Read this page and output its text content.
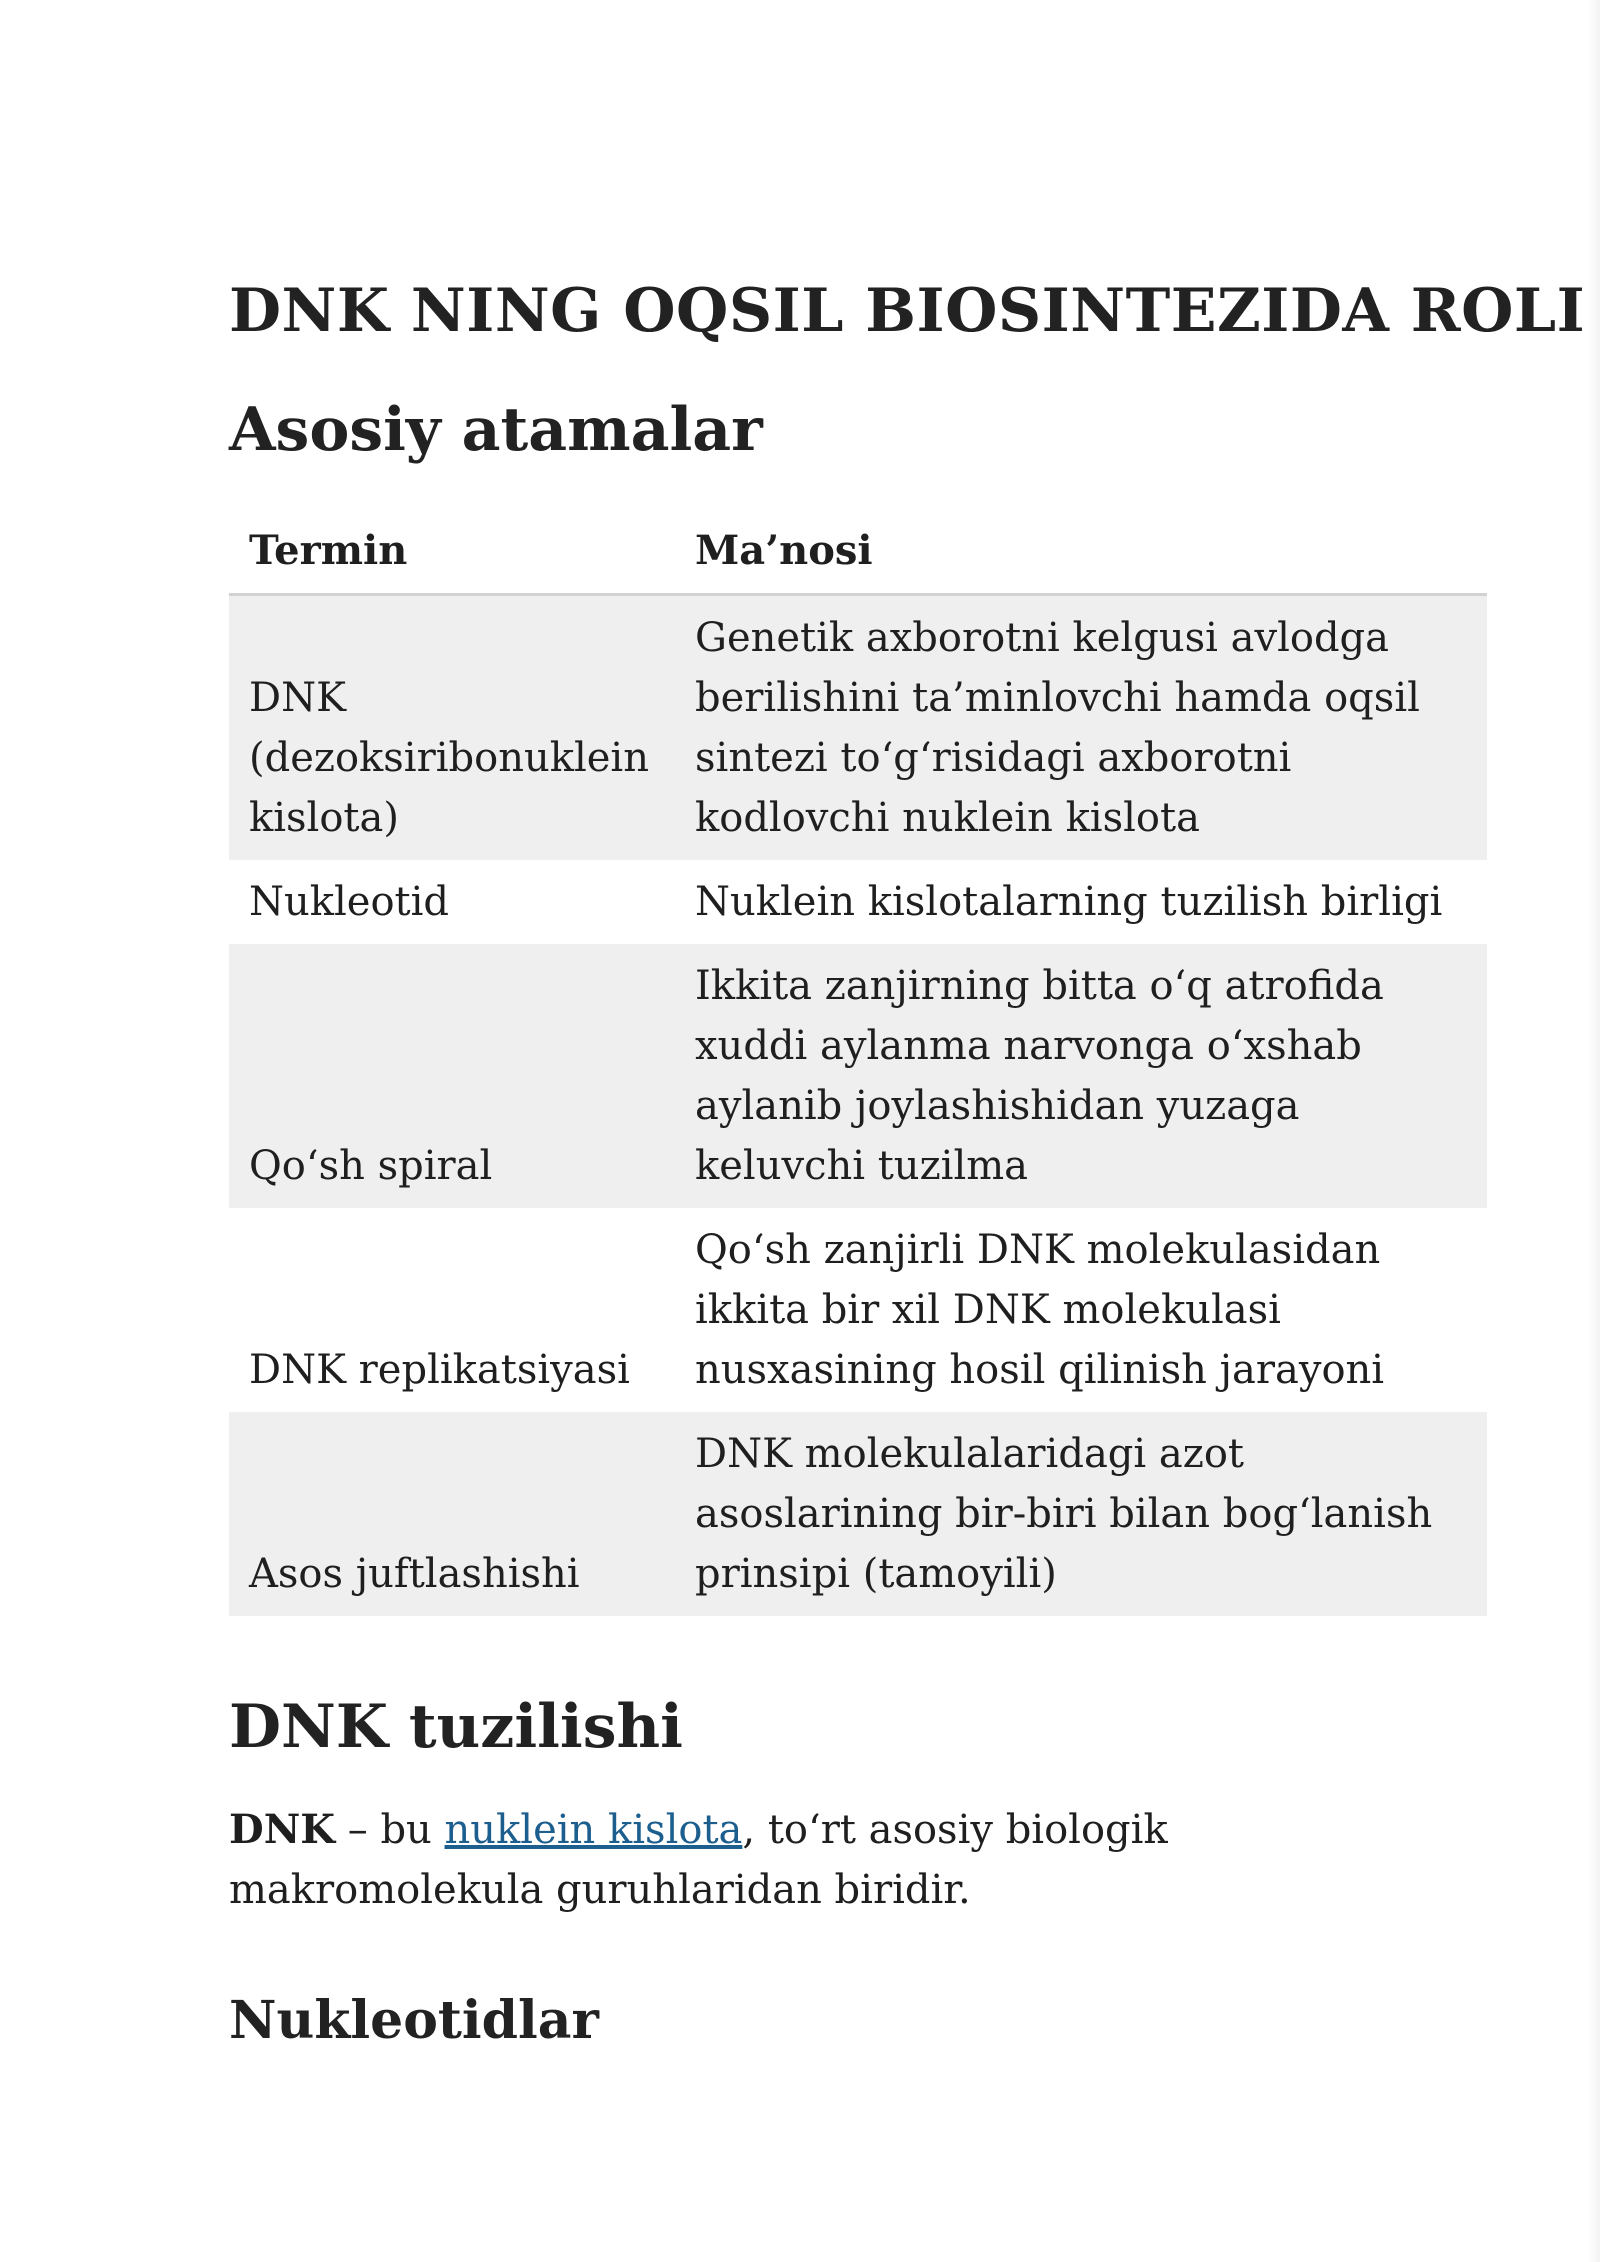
DNK NING OQSIL BIOSINTEZIDA ROLI
Asosiy atamalar
Termin	Ma’nosi
DNK (dezoksiribonuklein kislota)	Genetik axborotni kelgusi avlodga berilishini ta’minlovchi hamda oqsil sintezi to‘g‘risidagi axborotni kodlovchi nuklein kislota
Nukleotid	Nuklein kislotalarning tuzilish birligi
Qo‘sh spiral	Ikkita zanjirning bitta o‘q atrofida xuddi aylanma narvonga o‘xshab aylanib joylashishidan yuzaga keluvchi tuzilma
DNK replikatsiyasi	Qo‘sh zanjirli DNK molekulasidan ikkita bir xil DNK molekulasi nusxasining hosil qilinish jarayoni
Asos juftlashishi	DNK molekulalaridagi azot asoslarining bir-biri bilan bog‘lanish prinsipi (tamoyili)
DNK tuzilishi

DNK – bu nuklein kislota, to‘rt asosiy biologik makromolekula guruhlaridan biridir.

Nukleotidlar
